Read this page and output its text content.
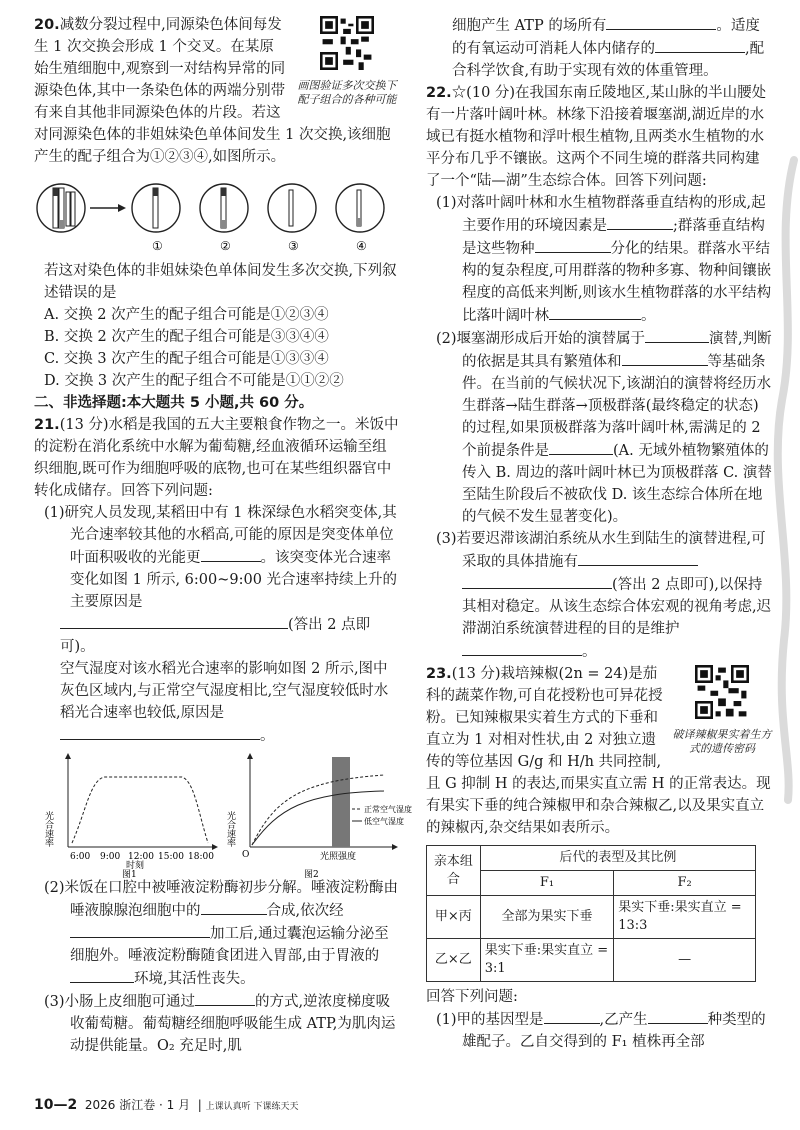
画图验证多次交换下配子组合的各种可能

20.减数分裂过程中,同源染色体间每发生 1 次交换会形成 1 个交叉。在某原始生殖细胞中,观察到一对结构异常的同源染色体,其中一条染色体的两端分别带有来自其他非同源染色体的片段。若这对同源染色体的非姐妹染色单体间发生 1 次交换,该细胞产生的配子组合为①②③④,如图所示。

①	②	③	④

若这对染色体的非姐妹染色单体间发生多次交换,下列叙述错误的是

A. 交换 2 次产生的配子组合可能是①②③④

B. 交换 2 次产生的配子组合可能是③③④④

C. 交换 3 次产生的配子组合可能是①③③④

D. 交换 3 次产生的配子组合不可能是①①②②

二、非选择题:本大题共 5 小题,共 60 分。

21.(13 分)水稻是我国的五大主要粮食作物之一。米饭中的淀粉在消化系统中水解为葡萄糖,经血液循环运输至组织细胞,既可作为细胞呼吸的底物,也可在某些组织器官中转化成储存。回答下列问题:

(1)研究人员发现,某稻田中有 1 株深绿色水稻突变体,其光合速率较其他的水稻高,可能的原因是突变体单位叶面积吸收的光能更	。该突变体光合速率变化如图 1 所示, 6:00~9:00 光合速率持续上升的主要原因是

(答出 2 点即可)。

空气湿度对该水稻光合速率的影响如图 2 所示,图中灰色区域内,与正常空气湿度相比,空气湿度较低时水稻光合速率也较低,原因是。

光合速率
6:00 9:00 12:00 15:00 18:00
时刻
图1
光合速率
O	光照强度
正常空气湿度
低空气湿度
图2

(2)米饭在口腔中被唾液淀粉酶初步分解。唾液淀粉酶由唾液腺腺泡细胞中的	合成,依次经加工后,通过囊泡运输分泌至细胞外。唾液淀粉酶随食团进入胃部,由于胃液的环境,其活性丧失。

(3)小肠上皮细胞可通过	的方式,逆浓度梯度吸收葡萄糖。葡萄糖经细胞呼吸能生成 ATP,为肌肉运动提供能量。O₂ 充足时,肌

细胞产生 ATP 的场所有	。适度的有氧运动可消耗人体内储存的	,配合科学饮食,有助于实现有效的体重管理。

22.☆(10 分)在我国东南丘陵地区,某山脉的半山腰处有一片落叶阔叶林。林缘下沿接着堰塞湖,湖近岸的水域已有挺水植物和浮叶根生植物,且两类水生植物的水平分布几乎不镶嵌。这两个不同生境的群落共同构建了一个“陆—湖”生态综合体。回答下列问题:

(1)对落叶阔叶林和水生植物群落垂直结构的形成,起主要作用的环境因素是	;群落垂直结构是这些物种	分化的结果。群落水平结构的复杂程度,可用群落的物种多寡、物种间镶嵌程度的高低来判断,则该水生植物群落的水平结构比落叶阔叶林	。

(2)堰塞湖形成后开始的演替属于	演替,判断的依据是其具有繁殖体和	等基础条件。在当前的气候状况下,该湖泊的演替将经历水生群落→陆生群落→顶极群落(最终稳定的状态)的过程,如果顶极群落为落叶阔叶林,需满足的 2 个前提条件是	(A. 无域外植物繁殖体的传入 B. 周边的落叶阔叶林已为顶极群落 C. 演替至陆生阶段后不被砍伐 D. 该生态综合体所在地的气候不发生显著变化)。

(3)若要迟滞该湖泊系统从水生到陆生的演替进程,可采取的具体措施有(答出 2 点即可),以保持其相对稳定。从该生态综合体宏观的视角考虑,迟滞湖泊系统演替进程的目的是维护。

破译辣椒果实着生方式的遗传密码

23.(13 分)栽培辣椒(2n = 24)是茄科的蔬菜作物,可自花授粉也可异花授粉。已知辣椒果实着生方式的下垂和直立为 1 对相对性状,由 2 对独立遗传的等位基因 G/g 和 H/h 共同控制,且 G 抑制 H 的表达,而果实直立需 H 的正常表达。现有果实下垂的纯合辣椒甲和杂合辣椒乙,以及果实直立的辣椒丙,杂交结果如表所示。

亲本组合	后代的表型及其比例	
	F₁	F₂
甲×丙	全部为果实下垂	果实下垂:果实直立 = 13:3
乙×乙	果实下垂:果实直立 = 3:1	—

回答下列问题:

(1)甲的基因型是	,乙产生	种类型的雄配子。乙自交得到的 F₁ 植株再全部

10—2 2026 浙江卷 · 1 月  | 上课认真听 下课练天天
